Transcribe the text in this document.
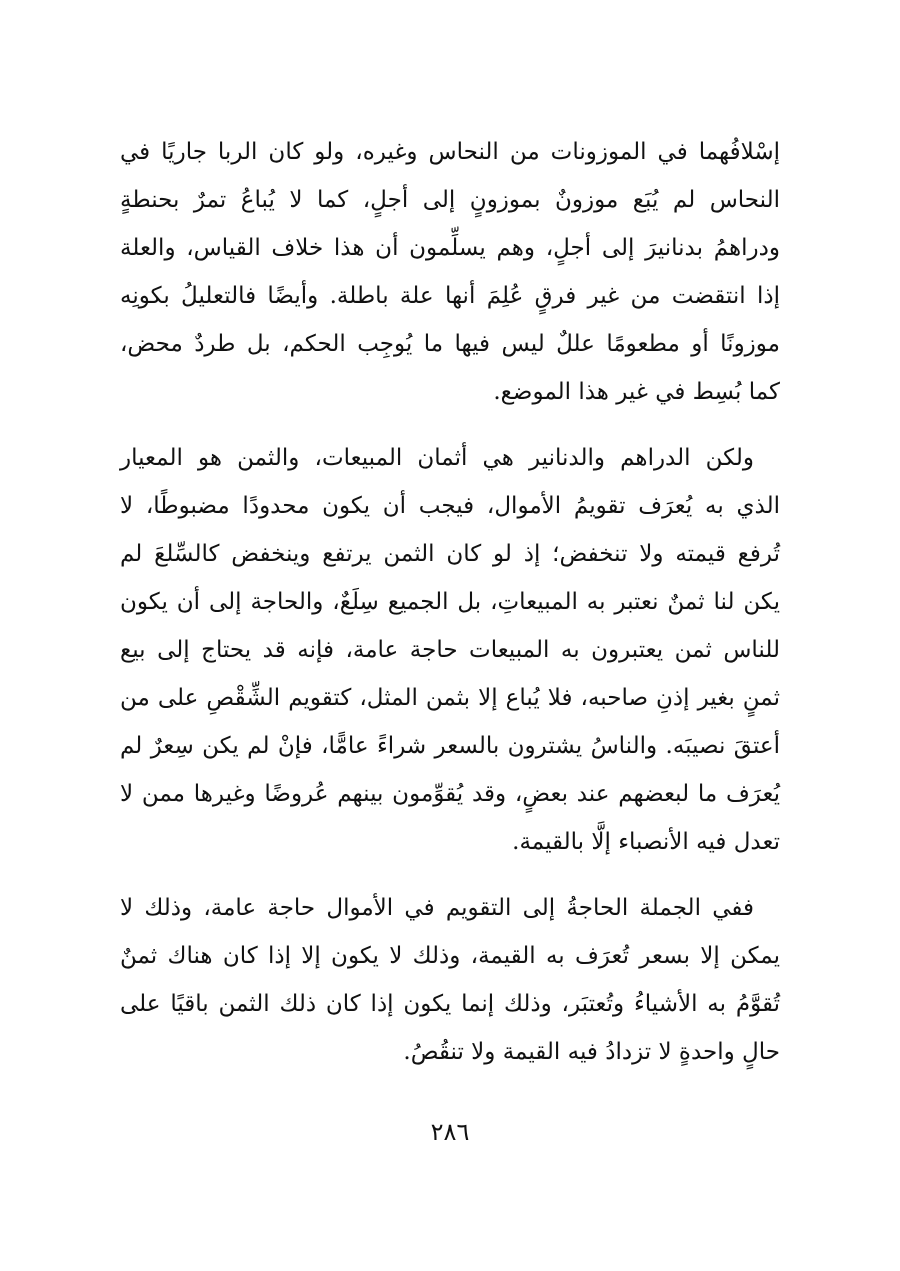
إسْلافُهما في الموزونات من النحاس وغيره، ولو كان الربا جاريًا في
النحاس لم يُبَع موزونٌ بموزونٍ إلى أجلٍ، كما لا يُباعُ تمرٌ بحنطةٍ
ودراهمُ بدنانيرَ إلى أجلٍ، وهم يسلِّمون أن هذا خلاف القياس، والعلة
إذا انتقضت من غير فرقٍ عُلِمَ أنها علة باطلة. وأيضًا فالتعليلُ بكونِه
موزونًا أو مطعومًا عللٌ ليس فيها ما يُوجِب الحكم، بل طردٌ محض،
كما بُسِط في غير هذا الموضع.
ولكن الدراهم والدنانير هي أثمان المبيعات، والثمن هو المعيار
الذي به يُعرَف تقويمُ الأموال، فيجب أن يكون محدودًا مضبوطًا، لا
تُرفع قيمته ولا تنخفض؛ إذ لو كان الثمن يرتفع وينخفض كالسِّلعَ لم
يكن لنا ثمنٌ نعتبر به المبيعاتِ، بل الجميع سِلَعٌ، والحاجة إلى أن يكون
للناس ثمن يعتبرون به المبيعات حاجة عامة، فإنه قد يحتاج إلى بيع
ثمنٍ بغير إذنِ صاحبه، فلا يُباع إلا بثمن المثل، كتقويم الشِّقْصِ على من
أعتقَ نصيبَه. والناسُ يشترون بالسعر شراءً عامًّا، فإنْ لم يكن سِعرٌ لم
يُعرَف ما لبعضهم عند بعضٍ، وقد يُقوِّمون بينهم عُروضًا وغيرها ممن لا
تعدل فيه الأنصباء إلَّا بالقيمة.
ففي الجملة الحاجةُ إلى التقويم في الأموال حاجة عامة، وذلك لا
يمكن إلا بسعر تُعرَف به القيمة، وذلك لا يكون إلا إذا كان هناك ثمنٌ
تُقوَّمُ به الأشياءُ وتُعتبَر، وذلك إنما يكون إذا كان ذلك الثمن باقيًا على
حالٍ واحدةٍ لا تزدادُ فيه القيمة ولا تنقُصُ.
٢٨٦
